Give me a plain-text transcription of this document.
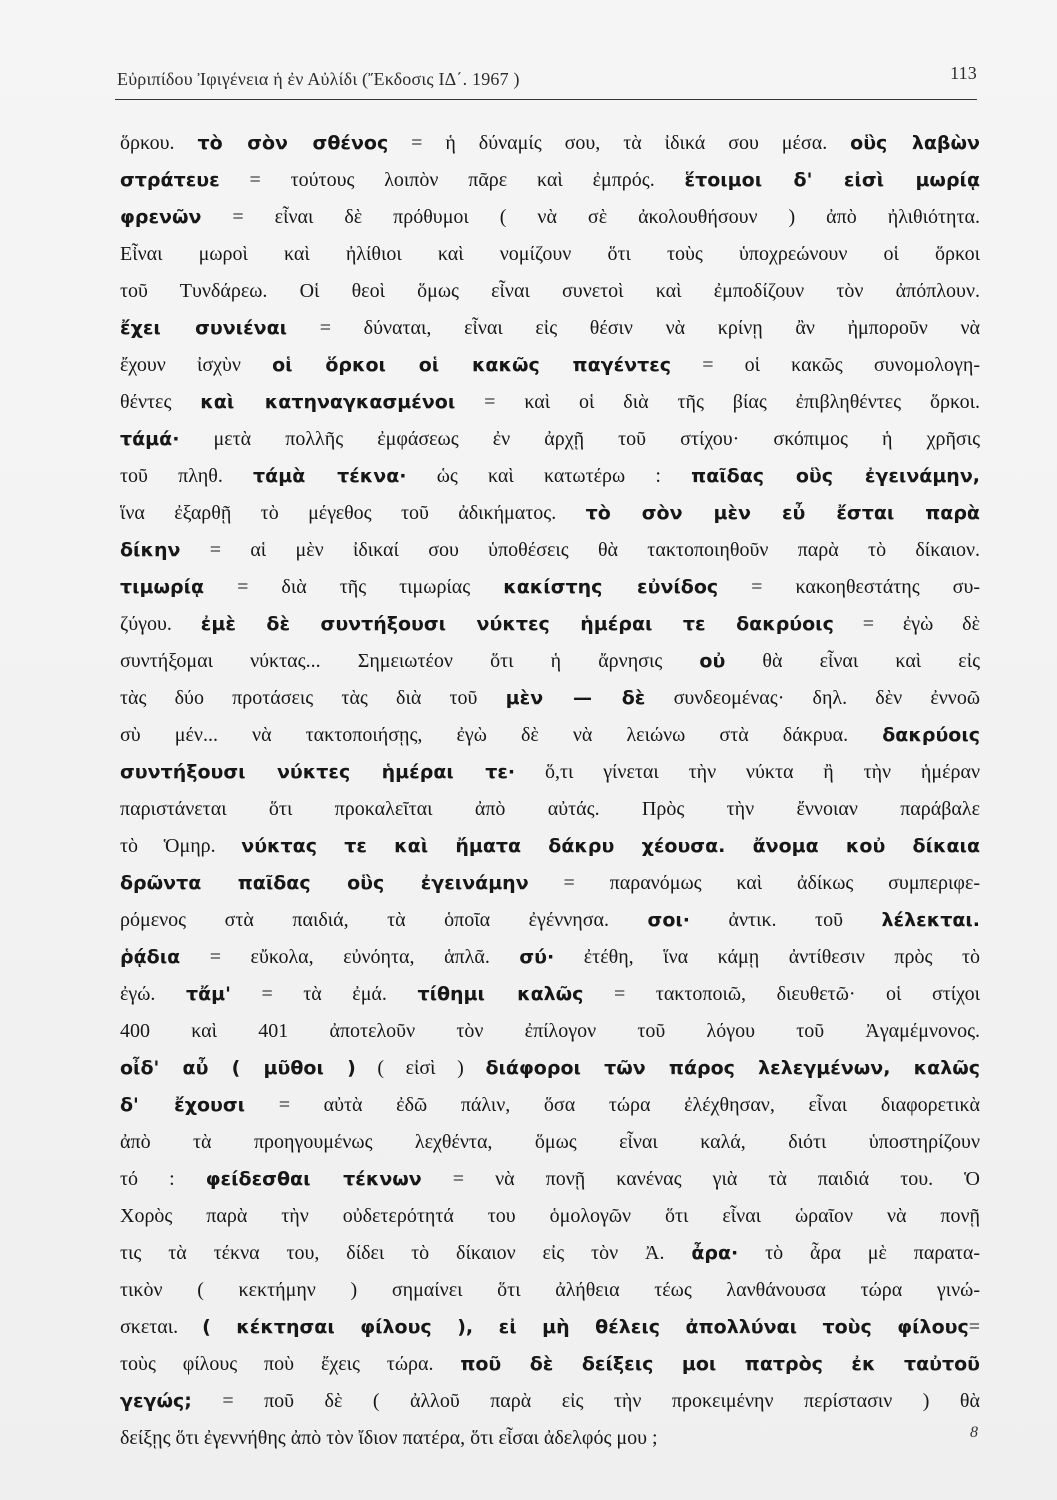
Εὐριπίδου Ἰφιγένεια ἡ ἐν Αὐλίδι (Ἔκδοσις ΙΔ΄. 1967 )	113
ὅρκου. τὸ σὸν σθένος = ἡ δύναμίς σου, τὰ ἰδικά σου μέσα. οὓς λαβὼν
στράτευε = τούτους λοιπὸν πᾶρε καὶ ἐμπρός. ἕτοιμοι δ' εἰσὶ μωρίᾳ
φρενῶν = εἶναι δὲ πρόθυμοι ( νὰ σὲ ἀκολουθήσουν ) ἀπὸ ἠλιθιότητα.
Εἶναι μωροὶ καὶ ἠλίθιοι καὶ νομίζουν ὅτι τοὺς ὑποχρεώνουν οἱ ὅρκοι
τοῦ Τυνδάρεω. Οἱ θεοὶ ὅμως εἶναι συνετοὶ καὶ ἐμποδίζουν τὸν ἀπόπλουν.
ἔχει συνιέναι = δύναται, εἶναι εἰς θέσιν νὰ κρίνῃ ἂν ἠμποροῦν νὰ
ἔχουν ἰσχὺν οἱ ὅρκοι οἱ κακῶς παγέντες = οἱ κακῶς συνομολογη-
θέντες καὶ κατηναγκασμένοι = καὶ οἱ διὰ τῆς βίας ἐπιβληθέντες ὅρκοι.
τάμά· μετὰ πολλῆς ἐμφάσεως ἐν ἀρχῇ τοῦ στίχου· σκόπιμος ἡ χρῆσις
τοῦ πληθ. τάμὰ τέκνα· ὡς καὶ κατωτέρω : παῖδας οὓς ἐγεινάμην,
ἵνα ἐξαρθῇ τὸ μέγεθος τοῦ ἀδικήματος. τὸ σὸν μὲν εὖ ἔσται παρὰ
δίκην = αἱ μὲν ἰδικαί σου ὑποθέσεις θὰ τακτοποιηθοῦν παρὰ τὸ δίκαιον.
τιμωρίᾳ = διὰ τῆς τιμωρίας κακίστης εὐνίδος = κακοηθεστάτης συ-
ζύγου. ἐμὲ δὲ συντήξουσι νύκτες ἡμέραι τε δακρύοις = ἐγὼ δὲ
συντήξομαι νύκτας... Σημειωτέον ὅτι ἡ ἄρνησις οὐ θὰ εἶναι καὶ εἰς
τὰς δύο προτάσεις τὰς διὰ τοῦ μὲν — δὲ συνδεομένας· δηλ. δὲν ἐννοῶ
σὺ μέν... νὰ τακτοποιήσῃς, ἐγὼ δὲ νὰ λειώνω στὰ δάκρυα. δακρύοις
συντήξουσι νύκτες ἡμέραι τε· ὅ,τι γίνεται τὴν νύκτα ἢ τὴν ἡμέραν
παριστάνεται ὅτι προκαλεῖται ἀπὸ αὐτάς. Πρὸς τὴν ἔννοιαν παράβαλε
τὸ Ὁμηρ. νύκτας τε καὶ ἤματα δάκρυ χέουσα. ἄνομα κοὐ δίκαια
δρῶντα παῖδας οὓς ἐγεινάμην = παρανόμως καὶ ἀδίκως συμπεριφε-
ρόμενος στὰ παιδιά, τὰ ὁποῖα ἐγέννησα. σοι· ἀντικ. τοῦ λέλεκται.
ῥᾴδια = εὔκολα, εὐνόητα, ἁπλᾶ. σύ· ἐτέθη, ἵνα κάμῃ ἀντίθεσιν πρὸς τὸ
ἐγώ. τἄμ' = τὰ ἐμά. τίθημι καλῶς = τακτοποιῶ, διευθετῶ· οἱ στίχοι
400 καὶ 401 ἀποτελοῦν τὸν ἐπίλογον τοῦ λόγου τοῦ Ἀγαμέμνονος.
οἶδ' αὖ ( μῦθοι ) ( εἰσὶ ) διάφοροι τῶν πάρος λελεγμένων, καλῶς
δ' ἔχουσι = αὐτὰ ἐδῶ πάλιν, ὅσα τώρα ἐλέχθησαν, εἶναι διαφορετικὰ
ἀπὸ τὰ προηγουμένως λεχθέντα, ὅμως εἶναι καλά, διότι ὑποστηρίζουν
τό : φείδεσθαι τέκνων = νὰ πονῇ κανένας γιὰ τὰ παιδιά του. Ὁ
Χορὸς παρὰ τὴν οὐδετερότητά του ὁμολογῶν ὅτι εἶναι ὡραῖον νὰ πονῇ
τις τὰ τέκνα του, δίδει τὸ δίκαιον εἰς τὸν Ἀ. ἆρα· τὸ ἆρα μὲ παρατα-
τικὸν ( κεκτήμην ) σημαίνει ὅτι ἀλήθεια τέως λανθάνουσα τώρα γινώ-
σκεται. ( κέκτησαι φίλους ), εἰ μὴ θέλεις ἀπολλύναι τοὺς φίλους=
τοὺς φίλους ποὺ ἔχεις τώρα. ποῦ δὲ δείξεις μοι πατρὸς ἐκ ταὐτοῦ
γεγώς; = ποῦ δὲ ( ἀλλοῦ παρὰ εἰς τὴν προκειμένην περίστασιν ) θὰ
δείξῃς ὅτι ἐγεννήθης ἀπὸ τὸν ἴδιον πατέρα, ὅτι εἶσαι ἀδελφός μου ;	8
